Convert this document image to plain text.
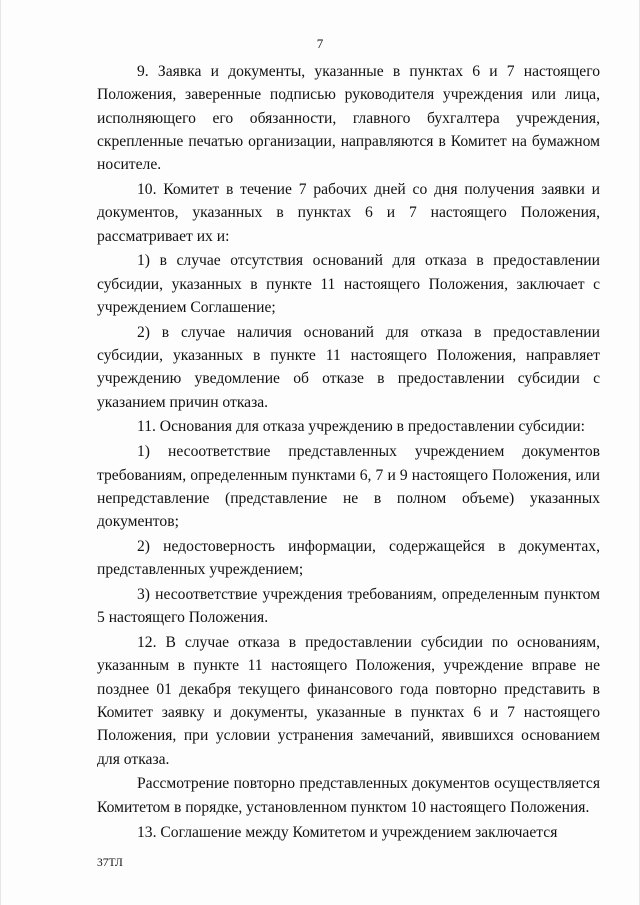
7

9. Заявка и документы, указанные в пунктах 6 и 7 настоящего Положения, заверенные подписью руководителя учреждения или лица, исполняющего его обязанности, главного бухгалтера учреждения, скрепленные печатью организации, направляются в Комитет на бумажном носителе.

10. Комитет в течение 7 рабочих дней со дня получения заявки и документов, указанных в пунктах 6 и 7 настоящего Положения, рассматривает их и:

1) в случае отсутствия оснований для отказа в предоставлении субсидии, указанных в пункте 11 настоящего Положения, заключает с учреждением Соглашение;

2) в случае наличия оснований для отказа в предоставлении субсидии, указанных в пункте 11 настоящего Положения, направляет учреждению уведомление об отказе в предоставлении субсидии с указанием причин отказа.

11. Основания для отказа учреждению в предоставлении субсидии:

1) несоответствие представленных учреждением документов требованиям, определенным пунктами 6, 7 и 9 настоящего Положения, или непредставление (представление не в полном объеме) указанных документов;

2) недостоверность информации, содержащейся в документах, представленных учреждением;

3) несоответствие учреждения требованиям, определенным пунктом 5 настоящего Положения.

12. В случае отказа в предоставлении субсидии по основаниям, указанным в пункте 11 настоящего Положения, учреждение вправе не позднее 01 декабря текущего финансового года повторно представить в Комитет заявку и документы, указанные в пунктах 6 и 7 настоящего Положения, при условии устранения замечаний, явившихся основанием для отказа.

Рассмотрение повторно представленных документов осуществляется Комитетом в порядке, установленном пунктом 10 настоящего Положения.

13. Соглашение между Комитетом и учреждением заключается

37ТЛ
